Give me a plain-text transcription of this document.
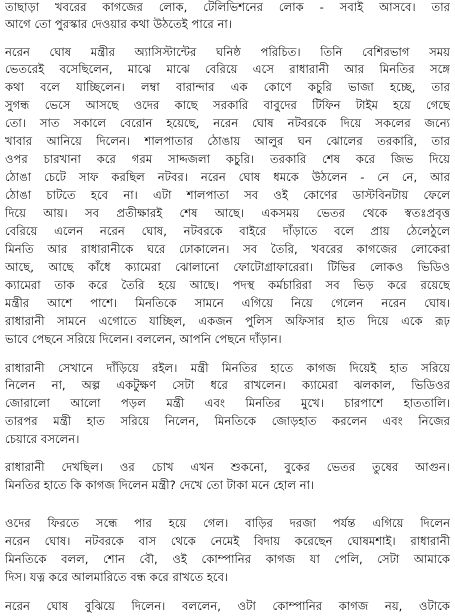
তাছাড়া খবরের কাগজের লোক, টেলিভিশনের লোক - সবাই আসবে। তার
আগে তো পুরস্কার দেওয়ার কথা উঠতেই পারে না।
নরেন ঘোষ মন্ত্রীর অ্যাসিস্টান্টের ঘনিষ্ঠ পরিচিত। তিনি বেশিরভাগ সময়
ভেতরেই বসেছিলেন, মাঝে মাঝে বেরিয়ে এসে রাধারানী আর মিনতির সঙ্গে
কথা বলে যাচ্ছিলেন। লম্বা বারান্দার এক কোণে কচুরি ভাজা হচ্ছে, তার
সুগন্ধ ভেসে আসছে ওদের কাছে সরকারি বাবুদের টিফিন টাইম হয়ে গেছে
তো। সাত সকালে বেরোন হয়েছে, নরেন ঘোষ নটবরকে দিয়ে সকলের জন্যে
খাবার আনিয়ে দিলেন। শালপাতার ঠোঙায় আলুর ঘন ঝোলের তরকারি, তার
ওপর চারখানা করে গরম সাদ্দজলা কচুরি। তরকারি শেষ করে জিভ দিয়ে
ঠোঙা চেটে সাফ করছিল নটবর। নরেন ঘোষ ধমকে উঠলেন - নে নে, আর
ঠোঙা চাটতে হবে না। এটা শালপাতা সব ওই কোণের ডাস্টবিনটায় ফেলে
দিয়ে আয়। সব প্রতীক্ষারই শেষ আছে। একসময় ভেতর থেকে স্বতঃপ্রবৃত্ত
বেরিয়ে এলেন নরেন ঘোষ, নটবরকে বাইরে দাঁড়াতে বলে প্রায় ঠেলেঠুলে
মিনতি আর রাধারানীকে ঘরে ঢোকালেন। সব তৈরি, খবরের কাগজের লোকেরা
আছে, আছে কাঁধে ক্যামেরা ঝোলানো ফোটোগ্রাফারেরা। টিভির লোকও ভিডিও
ক্যামেরা তাক করে তৈরি হয়ে আছে। পদস্থ কর্মচারিরা সব ভিড় করে রয়েছে
মন্ত্রীর আশে পাশে। মিনতিকে সামনে এগিয়ে নিয়ে গেলেন নরেন ঘোষ।
রাধারানী সামনে এগোতে যাচ্ছিল, একজন পুলিস অফিসার হাত দিয়ে একে রূঢ়
ভাবে পেছনে সরিয়ে দিলেন। বললেন, আপনি পেছনে দাঁড়ান।
রাধারানী সেখানে দাঁড়িয়ে রইল। মন্ত্রী মিনতির হাতে কাগজ দিয়েই হাত সরিয়ে
নিলেন না, অল্প একটুক্ষণ সেটা ধরে রাখলেন। ক্যামেরা ঝলকাল, ভিডিওর
জোরালো আলো পড়ল মন্ত্রী এবং মিনতির মুখে। চারপাশে হাততালি।
তারপর মন্ত্রী হাত সরিয়ে নিলেন, মিনতিকে জোড়হাত করলেন এবং নিজের
চেয়ারে বসলেন।
রাধারানী দেখছিল। ওর চোখ এখন শুকনো, বুকের ভেতর তুষের আগুন।
মিনতির হাতে কি কাগজ দিলেন মন্ত্রী? দেখে তো টাকা মনে হোল না।
ওদের ফিরতে সন্ধে পার হয়ে গেল। বাড়ির দরজা পর্যন্ত এগিয়ে দিলেন
নরেন ঘোষ। নটবরকে বাস থেকে নেমেই বিদায় করেছেন ঘোষমশাই। রাধারানী
মিনতিকে বলল, শোন বৌ, ওই কোম্পানির কাগজ যা পেলি, সেটা আমাকে
দিস। যত্ন করে আলমারিতে বন্ধ করে রাখতে হবে।
নরেন ঘোষ বুঝিয়ে দিলেন। বললেন, ওটা কোম্পানির কাগজ নয়, ওটাকে
